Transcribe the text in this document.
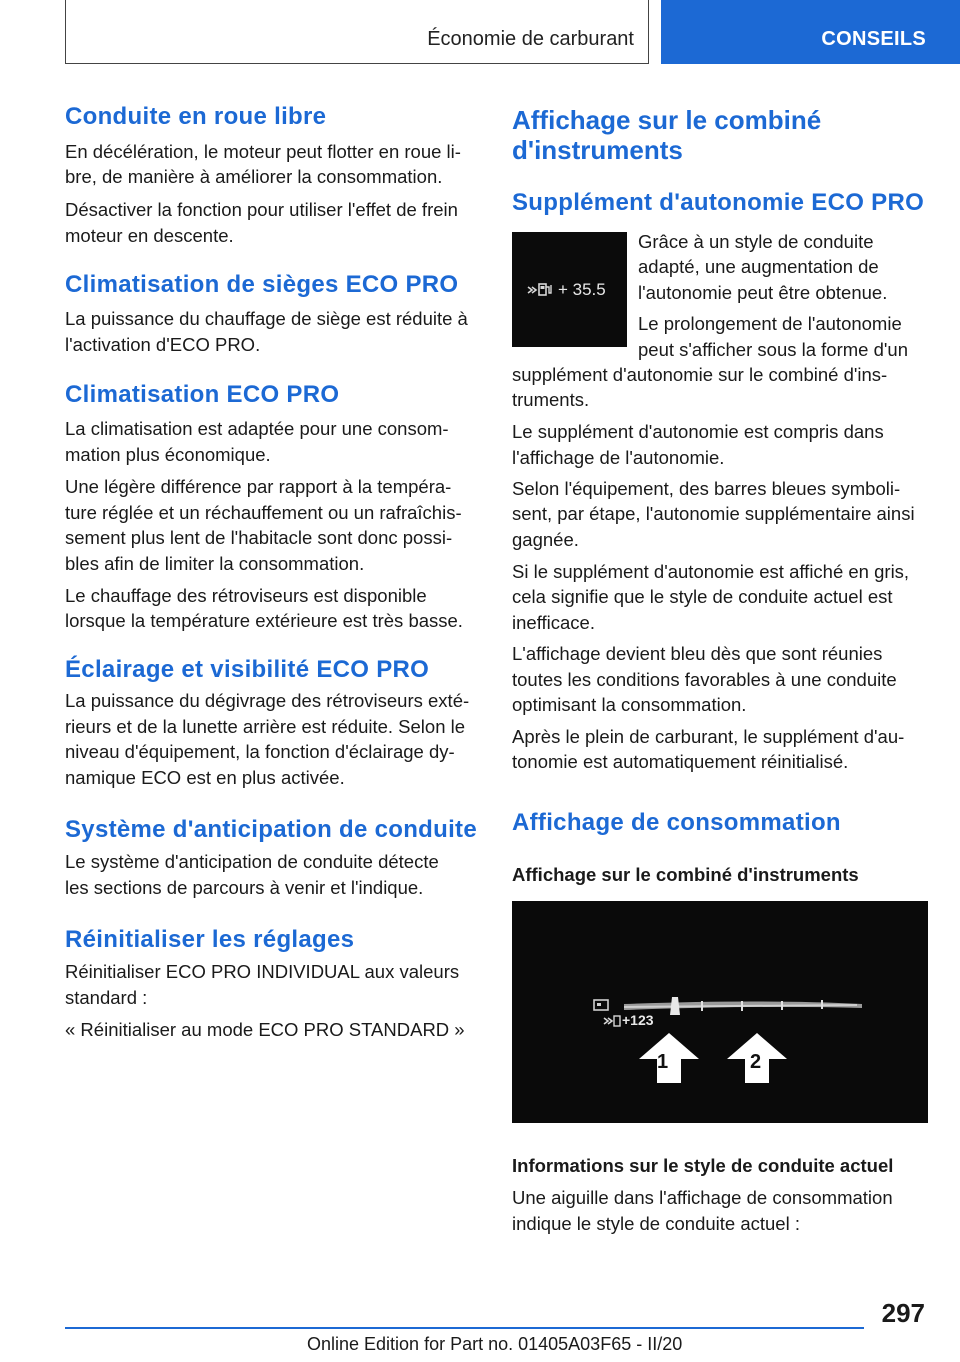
Économie de carburant	CONSEILS
Conduite en roue libre

En décélération, le moteur peut flotter en roue li-

bre, de manière à améliorer la consommation.

Désactiver la fonction pour utiliser l'effet de frein

moteur en descente.

Climatisation de sièges ECO PRO

La puissance du chauffage de siège est réduite à

l'activation d'ECO PRO.

Climatisation ECO PRO

La climatisation est adaptée pour une consom-

mation plus économique.

Une légère différence par rapport à la tempéra-

ture réglée et un réchauffement ou un rafraîchis-

sement plus lent de l'habitacle sont donc possi-

bles afin de limiter la consommation.

Le chauffage des rétroviseurs est disponible

lorsque la température extérieure est très basse.

Éclairage et visibilité ECO PRO

La puissance du dégivrage des rétroviseurs exté-

rieurs et de la lunette arrière est réduite. Selon le

niveau d'équipement, la fonction d'éclairage dy-

namique ECO est en plus activée.

Système d'anticipation de conduite

Le système d'anticipation de conduite détecte

les sections de parcours à venir et l'indique.

Réinitialiser les réglages

Réinitialiser ECO PRO INDIVIDUAL aux valeurs

standard :

« Réinitialiser au mode ECO PRO STANDARD »

Affichage sur le combiné
d'instruments
Supplément d'autonomie ECO PRO
+ 35.5

Grâce à un style de conduite

adapté, une augmentation de

l'autonomie peut être obtenue.

Le prolongement de l'autonomie

peut s'afficher sous la forme d'un

supplément d'autonomie sur le combiné d'ins-

truments.

Le supplément d'autonomie est compris dans

l'affichage de l'autonomie.

Selon l'équipement, des barres bleues symboli-

sent, par étape, l'autonomie supplémentaire ainsi

gagnée.

Si le supplément d'autonomie est affiché en gris,

cela signifie que le style de conduite actuel est

inefficace.

L'affichage devient bleu dès que sont réunies

toutes les conditions favorables à une conduite

optimisant la consommation.

Après le plein de carburant, le supplément d'au-

tonomie est automatiquement réinitialisé.

Affichage de consommation
Affichage sur le combiné d'instruments
+123
1	2
Informations sur le style de conduite actuel

Une aiguille dans l'affichage de consommation

indique le style de conduite actuel :

297
Online Edition for Part no. 01405A03F65 - II/20
